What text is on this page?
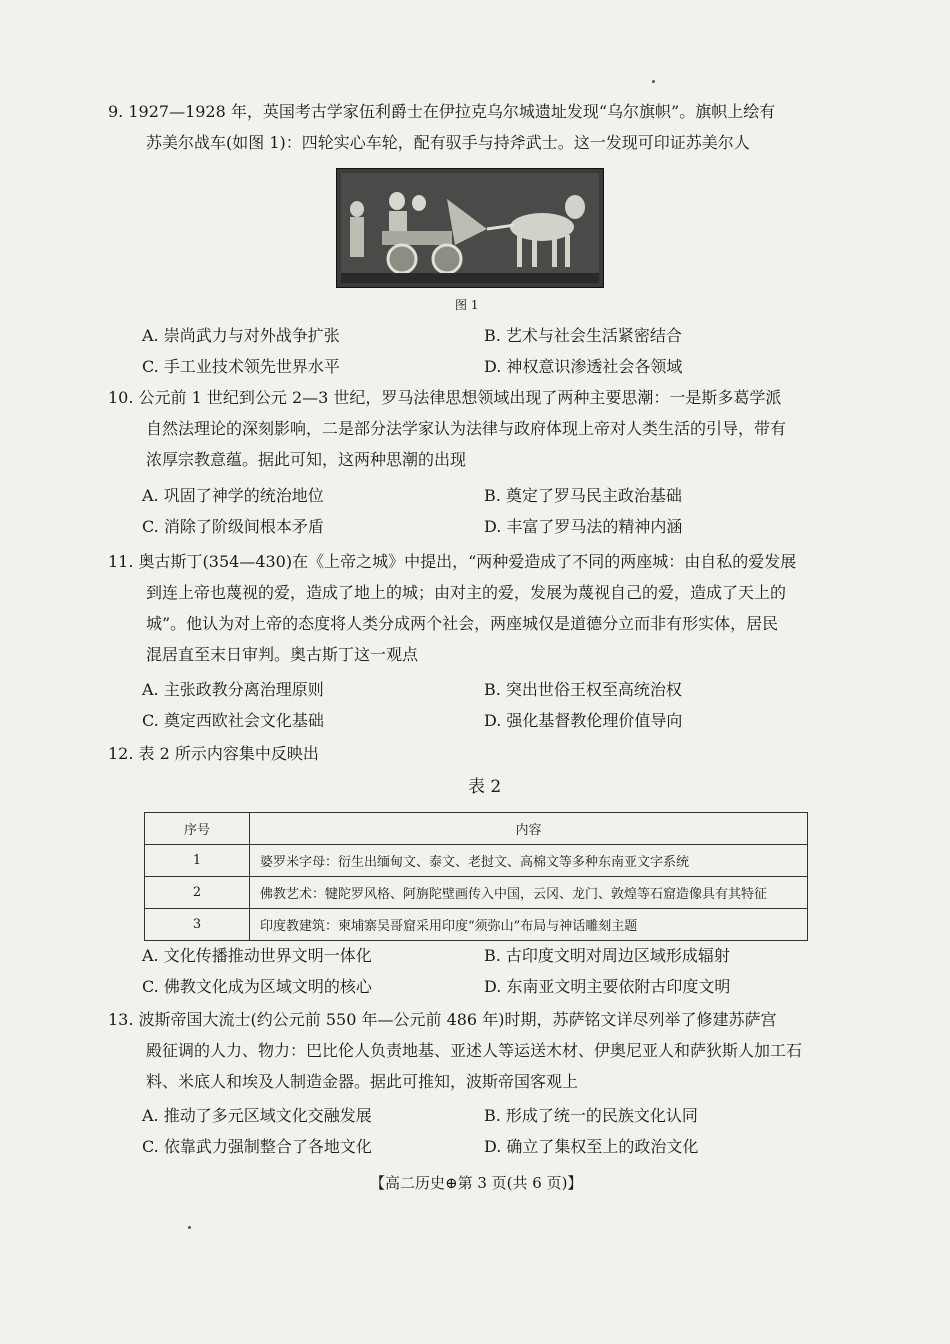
9. 1927—1928 年，英国考古学家伍利爵士在伊拉克乌尔城遗址发现“乌尔旗帜”。旗帜上绘有

苏美尔战车(如图 1)：四轮实心车轮，配有驭手与持斧武士。这一发现可印证苏美尔人

图 1
A. 崇尚武力与对外战争扩张	B. 艺术与社会生活紧密结合
C. 手工业技术领先世界水平	D. 神权意识渗透社会各领域

10. 公元前 1 世纪到公元 2—3 世纪，罗马法律思想领域出现了两种主要思潮：一是斯多葛学派

自然法理论的深刻影响，二是部分法学家认为法律与政府体现上帝对人类生活的引导，带有

浓厚宗教意蕴。据此可知，这两种思潮的出现

A. 巩固了神学的统治地位	B. 奠定了罗马民主政治基础
C. 消除了阶级间根本矛盾	D. 丰富了罗马法的精神内涵

11. 奥古斯丁(354—430)在《上帝之城》中提出，“两种爱造成了不同的两座城：由自私的爱发展

到连上帝也蔑视的爱，造成了地上的城；由对主的爱，发展为蔑视自己的爱，造成了天上的

城”。他认为对上帝的态度将人类分成两个社会，两座城仅是道德分立而非有形实体，居民

混居直至末日审判。奥古斯丁这一观点

A. 主张政教分离治理原则	B. 突出世俗王权至高统治权
C. 奠定西欧社会文化基础	D. 强化基督教伦理价值导向

12. 表 2 所示内容集中反映出

表 2
序号	内容
1	婆罗米字母：衍生出缅甸文、泰文、老挝文、高棉文等多种东南亚文字系统
2	佛教艺术：犍陀罗风格、阿旃陀壁画传入中国，云冈、龙门、敦煌等石窟造像具有其特征
3	印度教建筑：柬埔寨吴哥窟采用印度“须弥山”布局与神话雕刻主题
A. 文化传播推动世界文明一体化	B. 古印度文明对周边区域形成辐射
C. 佛教文化成为区域文明的核心	D. 东南亚文明主要依附古印度文明

13. 波斯帝国大流士(约公元前 550 年—公元前 486 年)时期，苏萨铭文详尽列举了修建苏萨宫

殿征调的人力、物力：巴比伦人负责地基、亚述人等运送木材、伊奥尼亚人和萨狄斯人加工石

料、米底人和埃及人制造金器。据此可推知，波斯帝国客观上

A. 推动了多元区域文化交融发展	B. 形成了统一的民族文化认同
C. 依靠武力强制整合了各地文化	D. 确立了集权至上的政治文化
【高二历史⊕第 3 页(共 6 页)】
